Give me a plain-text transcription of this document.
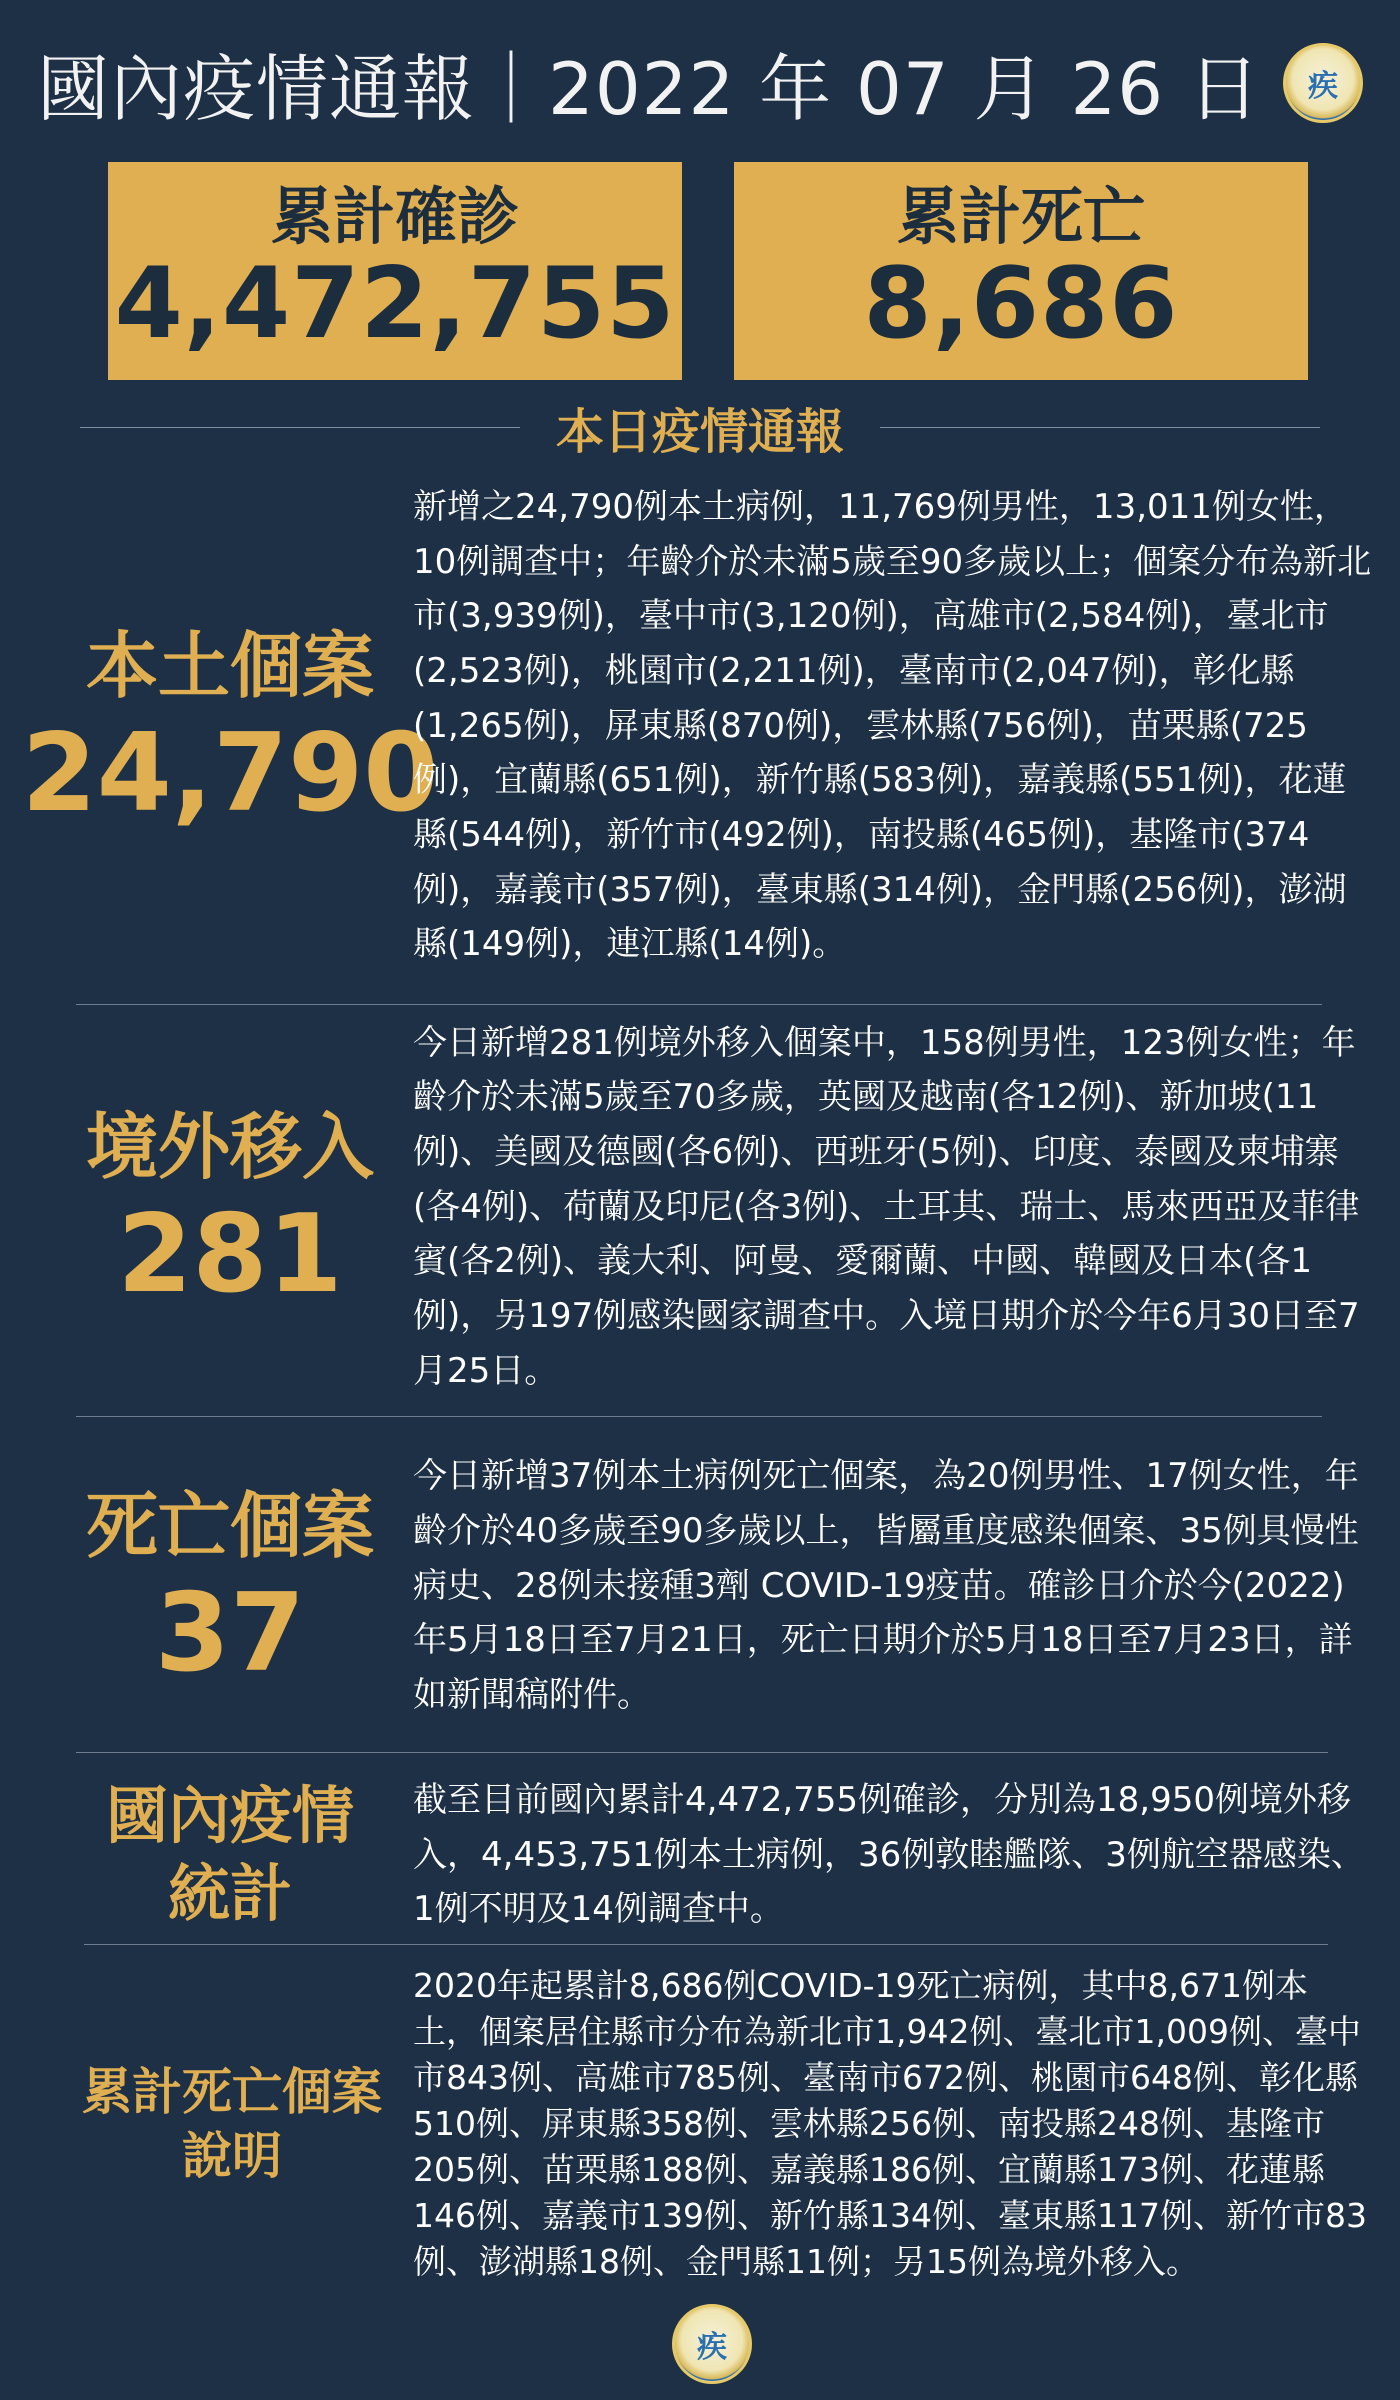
國內疫情通報｜2022 年 07 月 26 日 疾
累計確診
4,472,755
累計死亡
8,686
本日疫情通報
本土個案
24,790

新增之24,790例本土病例，11,769例男性，13,011例女性，10例調查中；年齡介於未滿5歲至90多歲以上；個案分布為新北市(3,939例)，臺中市(3,120例)，高雄市(2,584例)，臺北市(2,523例)，桃園市(2,211例)，臺南市(2,047例)，彰化縣(1,265例)，屏東縣(870例)，雲林縣(756例)，苗栗縣(725例)，宜蘭縣(651例)，新竹縣(583例)，嘉義縣(551例)，花蓮縣(544例)，新竹市(492例)，南投縣(465例)，基隆市(374例)，嘉義市(357例)，臺東縣(314例)，金門縣(256例)，澎湖縣(149例)，連江縣(14例)。

境外移入
281

今日新增281例境外移入個案中，158例男性，123例女性；年齡介於未滿5歲至70多歲，英國及越南(各12例)、新加坡(11例)、美國及德國(各6例)、西班牙(5例)、印度、泰國及柬埔寨(各4例)、荷蘭及印尼(各3例)、土耳其、瑞士、馬來西亞及菲律賓(各2例)、義大利、阿曼、愛爾蘭、中國、韓國及日本(各1例)，另197例感染國家調查中。入境日期介於今年6月30日至7月25日。

死亡個案
37

今日新增37例本土病例死亡個案，為20例男性、17例女性，年齡介於40多歲至90多歲以上，皆屬重度感染個案、35例具慢性病史、28例未接種3劑 COVID-19疫苗。確診日介於今(2022)年5月18日至7月21日，死亡日期介於5月18日至7月23日，詳如新聞稿附件。

國內疫情
統計

截至目前國內累計4,472,755例確診，分別為18,950例境外移入，4,453,751例本土病例，36例敦睦艦隊、3例航空器感染、1例不明及14例調查中。

累計死亡個案
說明

2020年起累計8,686例COVID-19死亡病例，其中8,671例本土，個案居住縣市分布為新北市1,942例、臺北市1,009例、臺中市843例、高雄市785例、臺南市672例、桃園市648例、彰化縣510例、屏東縣358例、雲林縣256例、南投縣248例、基隆市205例、苗栗縣188例、嘉義縣186例、宜蘭縣173例、花蓮縣146例、嘉義市139例、新竹縣134例、臺東縣117例、新竹市83例、澎湖縣18例、金門縣11例；另15例為境外移入。

疾
